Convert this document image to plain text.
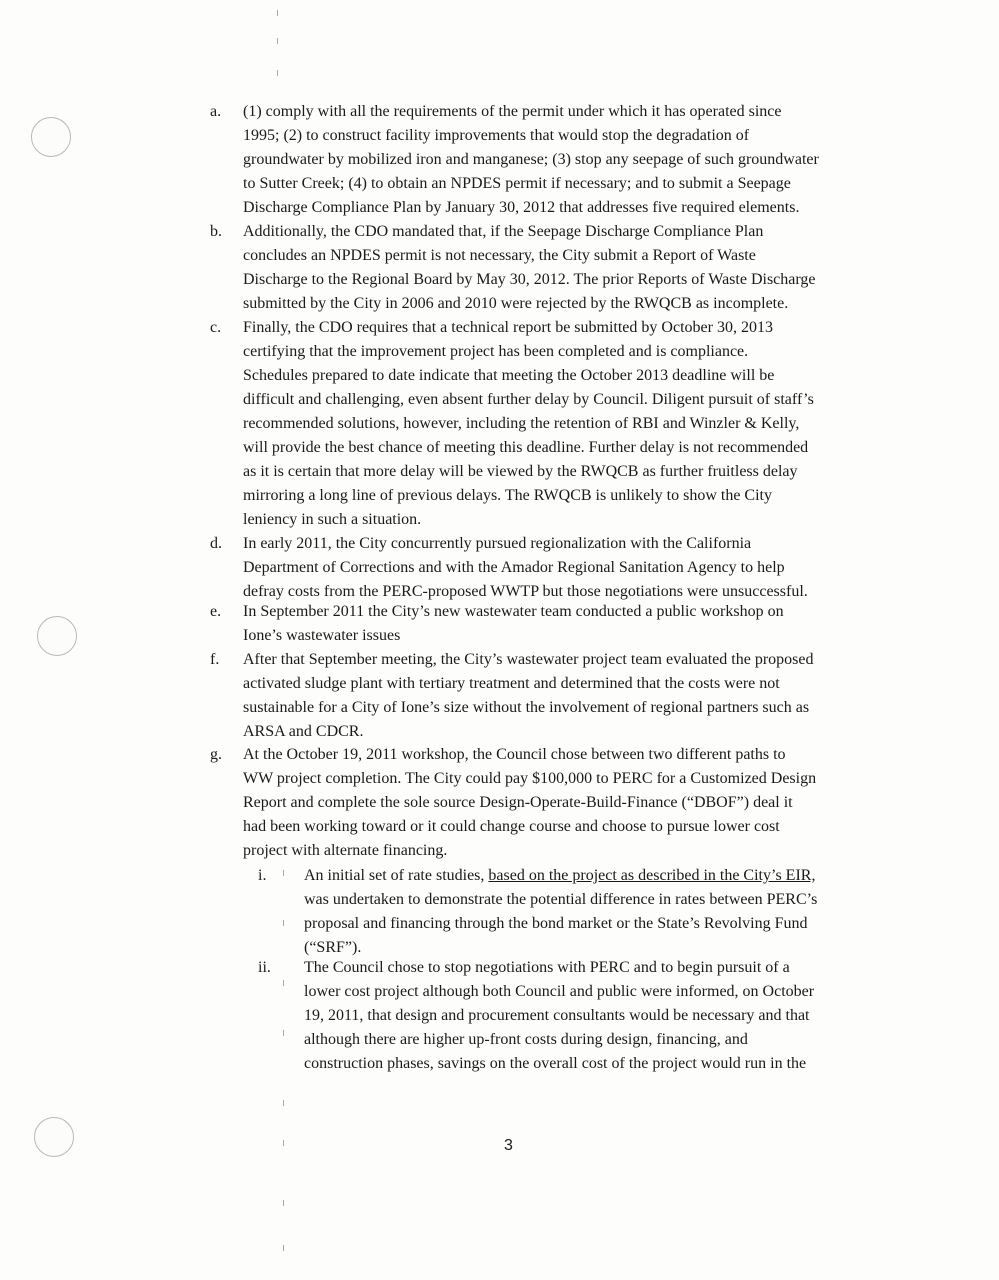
a.	(1) comply with all the requirements of the permit under which it has operated since
1995; (2) to construct facility improvements that would stop the degradation of
groundwater by mobilized iron and manganese; (3) stop any seepage of such groundwater
to Sutter Creek; (4) to obtain an NPDES permit if necessary; and to submit a Seepage
Discharge Compliance Plan by January 30, 2012 that addresses five required elements.
b.	Additionally, the CDO mandated that, if the Seepage Discharge Compliance Plan
concludes an NPDES permit is not necessary, the City submit a Report of Waste
Discharge to the Regional Board by May 30, 2012. The prior Reports of Waste Discharge
submitted by the City in 2006 and 2010 were rejected by the RWQCB as incomplete.
c.	Finally, the CDO requires that a technical report be submitted by October 30, 2013
certifying that the improvement project has been completed and is compliance.
Schedules prepared to date indicate that meeting the October 2013 deadline will be
difficult and challenging, even absent further delay by Council. Diligent pursuit of staff’s
recommended solutions, however, including the retention of RBI and Winzler & Kelly,
will provide the best chance of meeting this deadline. Further delay is not recommended
as it is certain that more delay will be viewed by the RWQCB as further fruitless delay
mirroring a long line of previous delays. The RWQCB is unlikely to show the City
leniency in such a situation.
d.	In early 2011, the City concurrently pursued regionalization with the California
Department of Corrections and with the Amador Regional Sanitation Agency to help
defray costs from the PERC-proposed WWTP but those negotiations were unsuccessful.
e.	In September 2011 the City’s new wastewater team conducted a public workshop on
Ione’s wastewater issues
f.	After that September meeting, the City’s wastewater project team evaluated the proposed
activated sludge plant with tertiary treatment and determined that the costs were not
sustainable for a City of Ione’s size without the involvement of regional partners such as
ARSA and CDCR.
g.	At the October 19, 2011 workshop, the Council chose between two different paths to
WW project completion. The City could pay $100,000 to PERC for a Customized Design
Report and complete the sole source Design-Operate-Build-Finance (“DBOF”) deal it
had been working toward or it could change course and choose to pursue lower cost
project with alternate financing.
i.	An initial set of rate studies, based on the project as described in the City’s EIR,
was undertaken to demonstrate the potential difference in rates between PERC’s
proposal and financing through the bond market or the State’s Revolving Fund
(“SRF”).
ii.	The Council chose to stop negotiations with PERC and to begin pursuit of a
lower cost project although both Council and public were informed, on October
19, 2011, that design and procurement consultants would be necessary and that
although there are higher up-front costs during design, financing, and
construction phases, savings on the overall cost of the project would run in the
3
